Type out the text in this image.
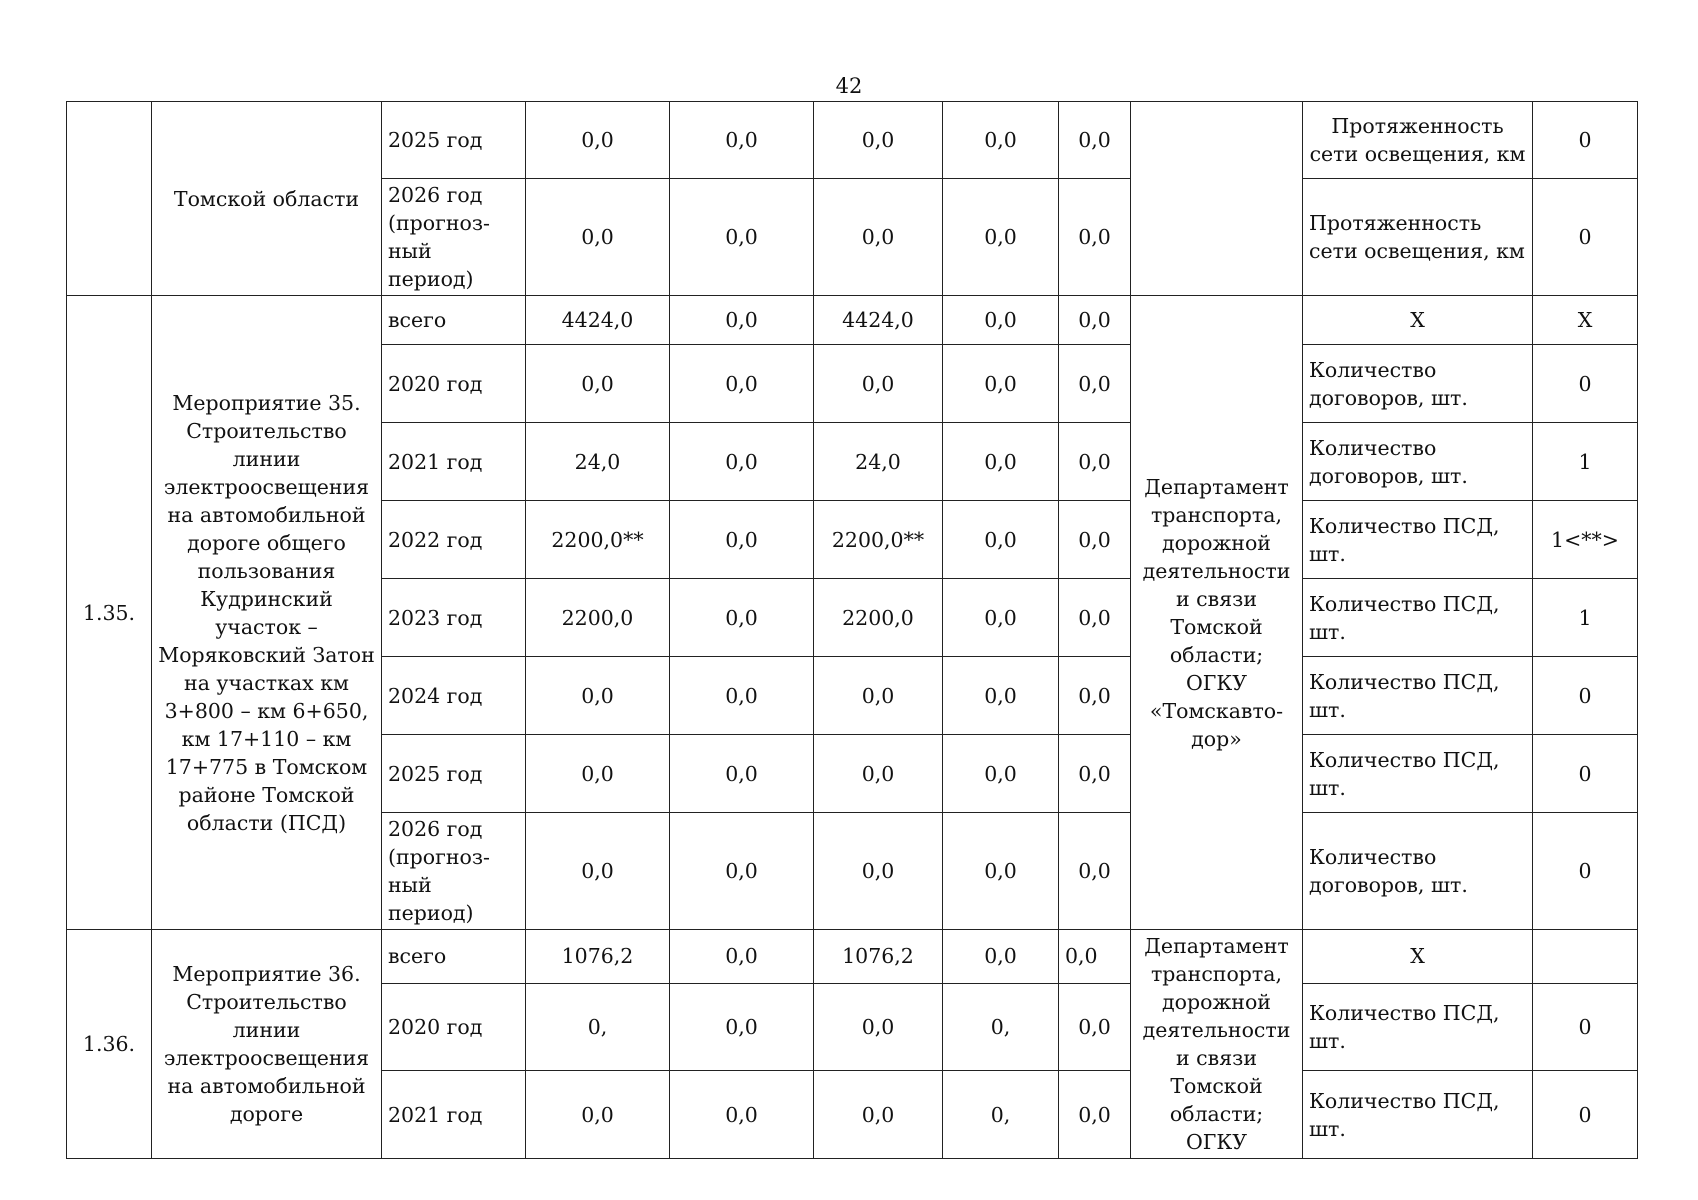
42
	Томской области	2025 год	0,0	0,0	0,0	0,0	0,0		Протяженность сети освещения, км	0
		2026 год (прогноз-ный период)	0,0	0,0	0,0	0,0	0,0		Протяженность сети освещения, км	0
1.35.	Мероприятие 35. Строительство линии электроосвещения на автомобильной дороге общего пользования Кудринский участок – Моряковский Затон на участках км 3+800 – км 6+650, км 17+110 – км 17+775 в Томском районе Томской области (ПСД)	всего	4424,0	0,0	4424,0	0,0	0,0	Департамент транспорта, дорожной деятельности и связи Томской области; ОГКУ «Томскавто-дор»	X	X
		2020 год	0,0	0,0	0,0	0,0	0,0		Количество договоров, шт.	0
		2021 год	24,0	0,0	24,0	0,0	0,0		Количество договоров, шт.	1
		2022 год	2200,0**	0,0	2200,0**	0,0	0,0		Количество ПСД, шт.	1<**>
		2023 год	2200,0	0,0	2200,0	0,0	0,0		Количество ПСД, шт.	1
		2024 год	0,0	0,0	0,0	0,0	0,0		Количество ПСД, шт.	0
		2025 год	0,0	0,0	0,0	0,0	0,0		Количество ПСД, шт.	0
		2026 год (прогноз-ный период)	0,0	0,0	0,0	0,0	0,0		Количество договоров, шт.	0
1.36.	Мероприятие 36. Строительство линии электроосвещения на автомобильной дороге	всего	1076,2	0,0	1076,2	0,0	0,0	Департамент транспорта, дорожной деятельности и связи Томской области; ОГКУ	X	
		2020 год	0,	0,0	0,0	0,	0,0		Количество ПСД, шт.	0
		2021 год	0,0	0,0	0,0	0,	0,0		Количество ПСД, шт.	0
